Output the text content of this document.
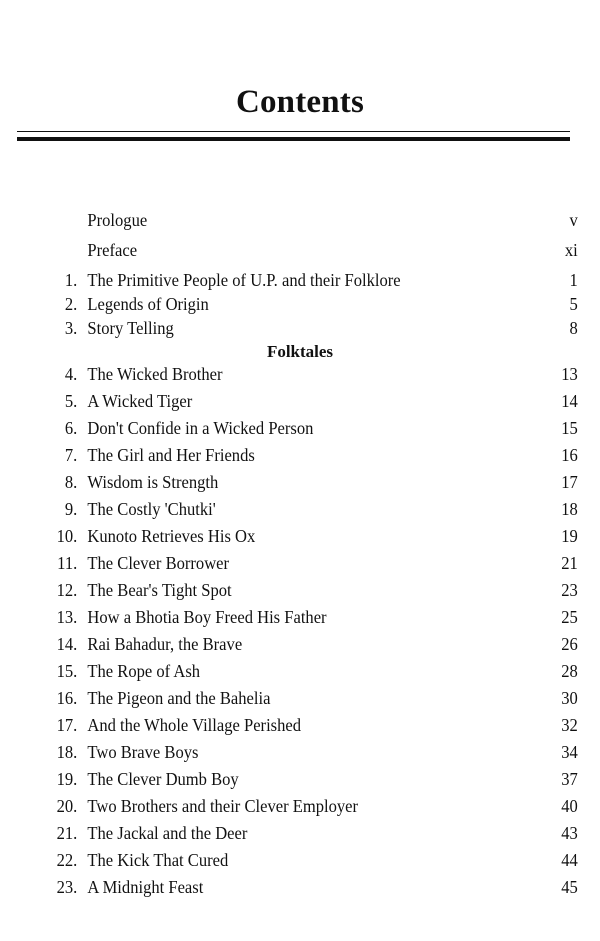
Contents
Prologue	v
Preface	xi
1. The Primitive People of U.P. and their Folklore	1
2. Legends of Origin	5
3. Story Telling	8
Folktales
4. The Wicked Brother	13
5. A Wicked Tiger	14
6. Don't Confide in a Wicked Person	15
7. The Girl and Her Friends	16
8. Wisdom is Strength	17
9. The Costly 'Chutki'	18
10. Kunoto Retrieves His Ox	19
11. The Clever Borrower	21
12. The Bear's Tight Spot	23
13. How a Bhotia Boy Freed His Father	25
14. Rai Bahadur, the Brave	26
15. The Rope of Ash	28
16. The Pigeon and the Bahelia	30
17. And the Whole Village Perished	32
18. Two Brave Boys	34
19. The Clever Dumb Boy	37
20. Two Brothers and their Clever Employer	40
21. The Jackal and the Deer	43
22. The Kick That Cured	44
23. A Midnight Feast	45
